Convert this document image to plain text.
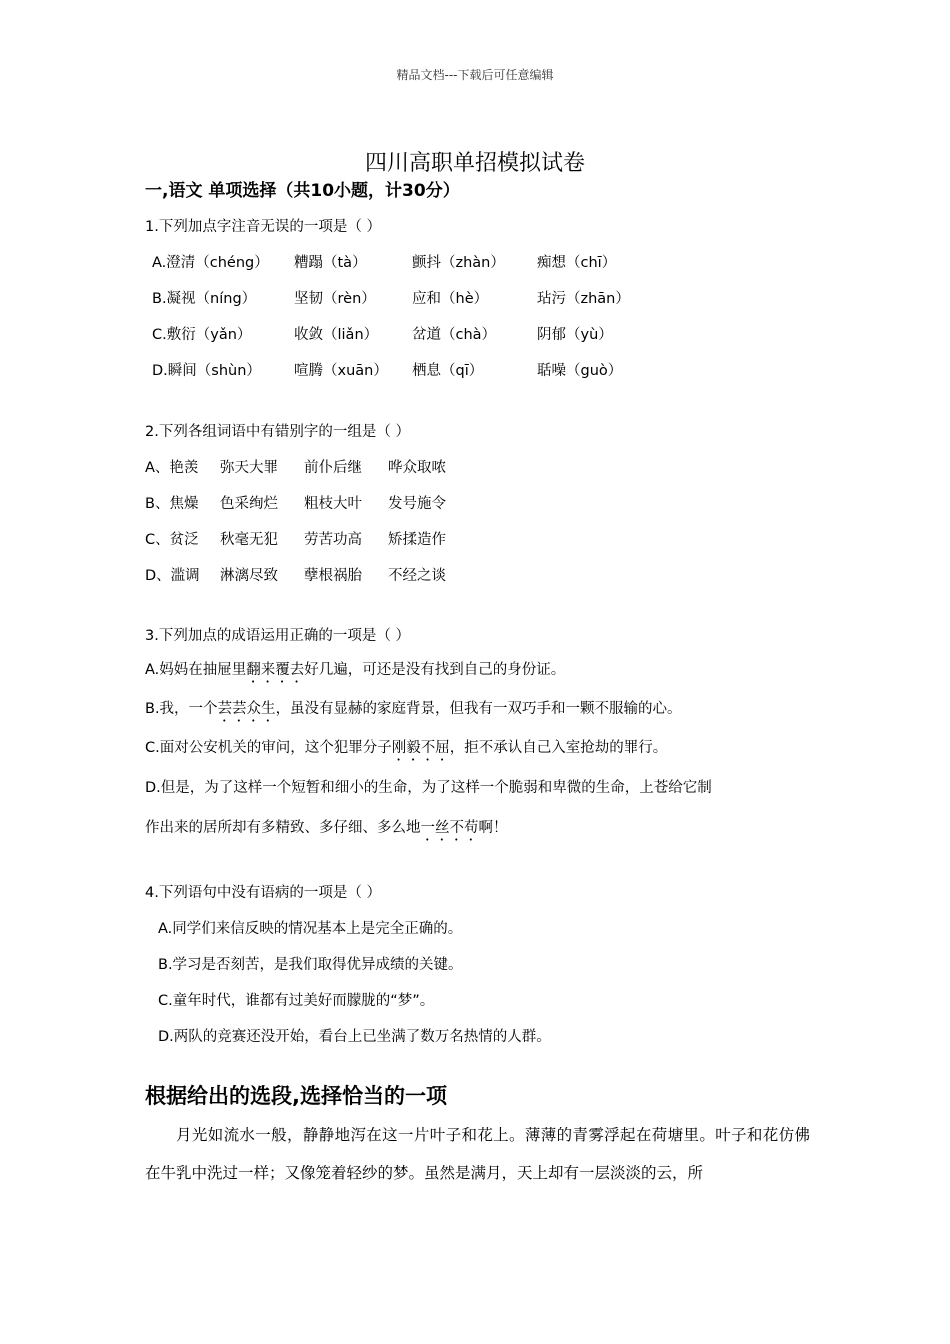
精品文档---下载后可任意编辑
四川高职单招模拟试卷
一,语文 单项选择（共10小题，计30分）
1.下列加点字注音无误的一项是（ ）
A.澄清（chéng） 糟蹋（tà）	颤抖（zhàn） 痴想（chī）
B.凝视（níng）	坚韧（rèn） 应和（hè）	玷污（zhān）
C.敷衍（yǎn）	收敛（liǎn） 岔道（chà）	阴郁（yù）
D.瞬间（shùn） 喧腾（xuān） 栖息（qī）	聒噪（guò）
2.下列各组词语中有错别字的一组是（ ）
A、艳羡 弥天大罪 前仆后继 哗众取哝
B、焦燥 色采绚烂 粗枝大叶 发号施令
C、贫泛 秋毫无犯 劳苦功高 矫揉造作
D、滥调 淋漓尽致 孽根祸胎 不经之谈
3.下列加点的成语运用正确的一项是（ ）
A.妈妈在抽屉里翻来覆去好几遍，可还是没有找到自己的身份证。
B.我，一个芸芸众生，虽没有显赫的家庭背景，但我有一双巧手和一颗不服输的心。
C.面对公安机关的审问，这个犯罪分子刚毅不屈，拒不承认自己入室抢劫的罪行。
D.但是，为了这样一个短暂和细小的生命，为了这样一个脆弱和卑微的生命，上苍给它制
作出来的居所却有多精致、多仔细、多么地一丝不苟啊！
4.下列语句中没有语病的一项是（ ）
A.同学们来信反映的情况基本上是完全正确的。
B.学习是否刻苦，是我们取得优异成绩的关键。
C.童年时代，谁都有过美好而朦胧的“梦”。
D.两队的竞赛还没开始，看台上已坐满了数万名热情的人群。
根据给出的选段,选择恰当的一项
月光如流水一般，静静地泻在这一片叶子和花上。薄薄的青雾浮起在荷塘里。叶子和花仿佛在牛乳中洗过一样；又像笼着轻纱的梦。虽然是满月，天上却有一层淡淡的云，所
